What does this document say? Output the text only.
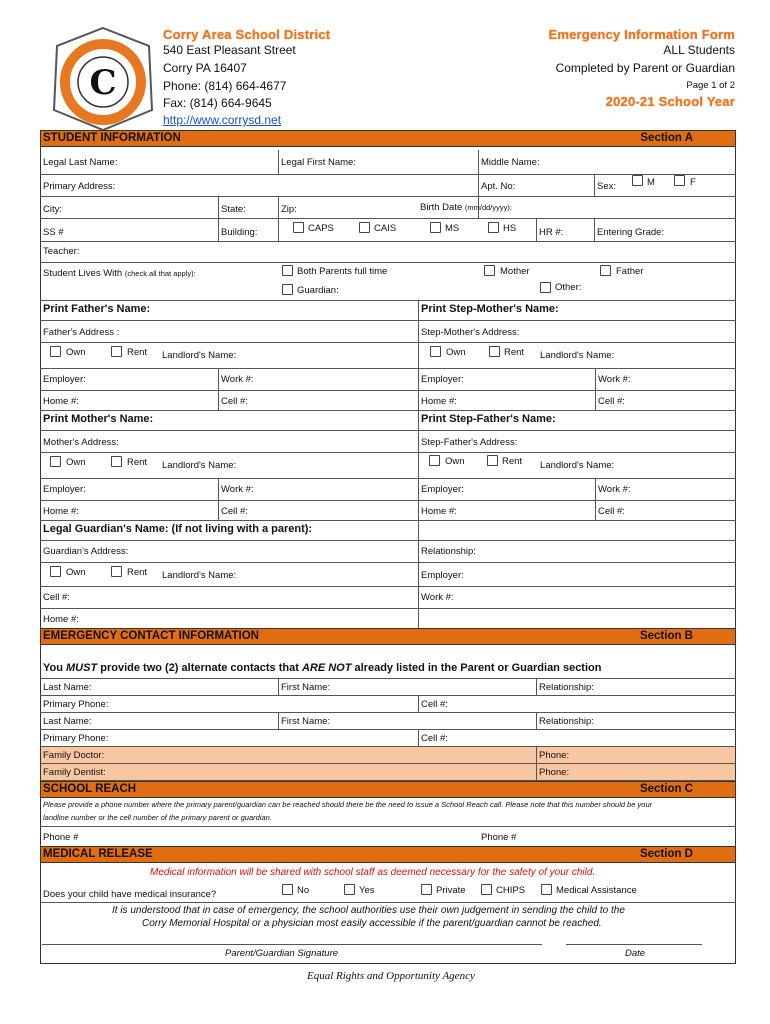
C
Corry Area School District
540 East Pleasant Street
Corry PA 16407
Phone: (814) 664-4677
Fax: (814) 664-9645
http://www.corrysd.net
Emergency Information Form
ALL Students
Completed by Parent or Guardian
Page 1 of 2
2020-21 School Year
STUDENT INFORMATION	Section A
Legal Last Name:	Legal First Name:	Middle Name:
Primary Address:	Apt. No:	Sex:	M	F
City:	State:	Zip:	Birth Date (mm/dd/yyyy):
SS #	Building:	CAPS	CAIS	MS	HS HR #:	Entering Grade:
Teacher:
Student Lives With (check all that apply):	Both Parents full time	Mother	Father
Guardian:	Other:
Print Father's Name:	Print Step-Mother's Name:
Father's Address :	Step-Mother's Address:
Own	Rent Landlord's Name:	Own	Rent Landlord's Name:
Employer:	Work #:	Employer:	Work #:
Home #:	Cell #:	Home #:	Cell #:
Print Mother's Name:	Print Step-Father's Name:
Mother's Address:	Step-Father's Address:
Own	Rent Landlord's Name:	Own	Rent Landlord's Name:
Employer:	Work #:	Employer:	Work #:
Home #:	Cell #:	Home #:	Cell #:
Legal Guardian's Name: (If not living with a parent):
Guardian's Address:	Relationship:
Own	Rent Landlord's Name:	Employer:
Cell #:	Work #:
Home #:
EMERGENCY CONTACT INFORMATION	Section B
You MUST provide two (2) alternate contacts that ARE NOT already listed in the Parent or Guardian section
Last Name:	First Name:	Relationship:
Primary Phone:	Cell #:
Last Name:	First Name:	Relationship:
Primary Phone:	Cell #:
Family Doctor:	Phone:
Family Dentist:	Phone:
SCHOOL REACH	Section C
Please provide a phone number where the primary parent/guardian can be reached should there be the need to issue a School Reach call. Please note that this number should be your
landline number or the cell number of the primary parent or guardian.
Phone #	Phone #
MEDICAL RELEASE	Section D
Medical information will be shared with school staff as deemed necessary for the safety of your child.
Does your child have medical insurance?	No	Yes	Private	CHIPS	Medical Assistance
It is understood that in case of emergency, the school authorities use their own judgement in sending the child to the
Corry Memorial Hospital or a physician most easily accessible if the parent/guardian cannot be reached.
Parent/Guardian Signature	Date
Equal Rights and Opportunity Agency
